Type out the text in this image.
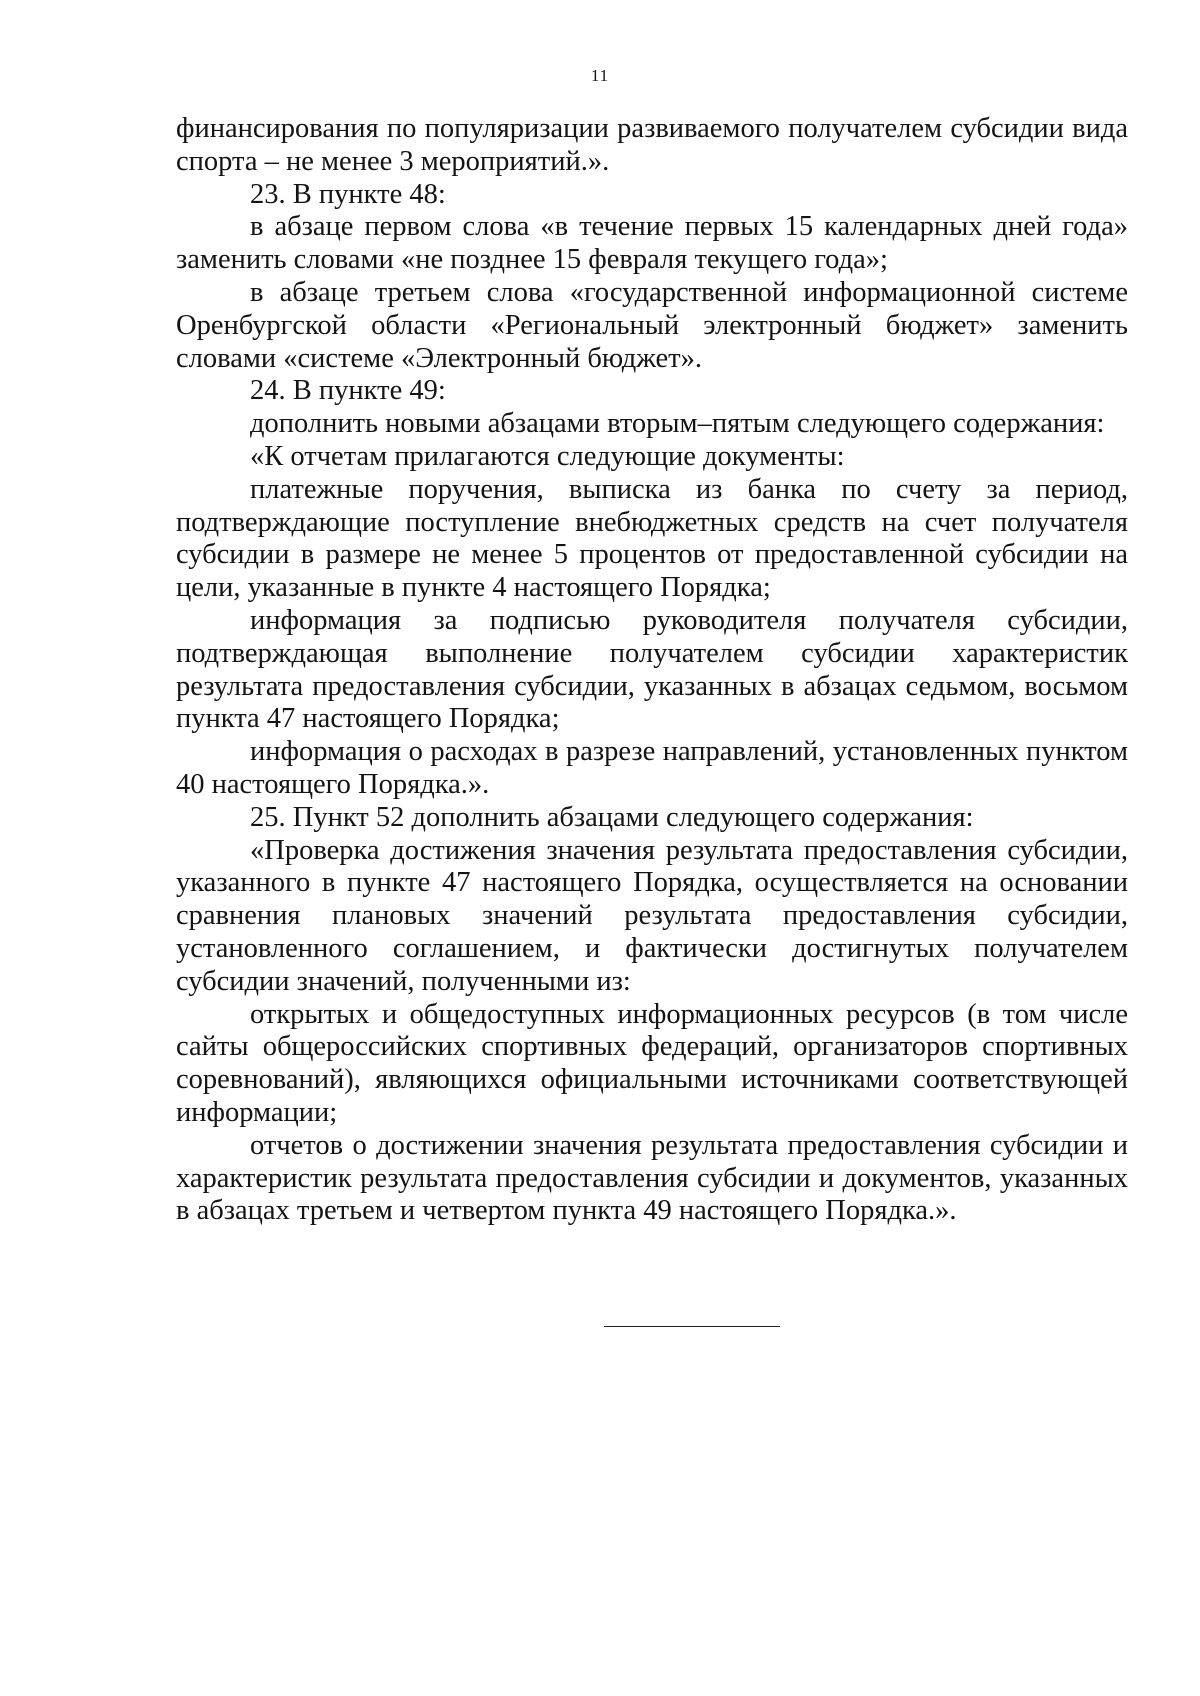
11

финансирования по популяризации развиваемого получателем субсидии вида спорта – не менее 3 мероприятий.».

23. В пункте 48:

в абзаце первом слова «в течение первых 15 календарных дней года» заменить словами «не позднее 15 февраля текущего года»;

в абзаце третьем слова «государственной информационной системе Оренбургской области «Региональный электронный бюджет» заменить словами «системе «Электронный бюджет».

24. В пункте 49:

дополнить новыми абзацами вторым–пятым следующего содержания:

«К отчетам прилагаются следующие документы:

платежные поручения, выписка из банка по счету за период, подтверждающие поступление внебюджетных средств на счет получателя субсидии в размере не менее 5 процентов от предоставленной субсидии на цели, указанные в пункте 4 настоящего Порядка;

информация за подписью руководителя получателя субсидии, подтверждающая выполнение получателем субсидии характеристик результата предоставления субсидии, указанных в абзацах седьмом, восьмом пункта 47 настоящего Порядка;

информация о расходах в разрезе направлений, установленных пунктом 40 настоящего Порядка.».

25. Пункт 52 дополнить абзацами следующего содержания:

«Проверка достижения значения результата предоставления субсидии, указанного в пункте 47 настоящего Порядка, осуществляется на основании сравнения плановых значений результата предоставления субсидии, установленного соглашением, и фактически достигнутых получателем субсидии значений, полученными из:

открытых и общедоступных информационных ресурсов (в том числе сайты общероссийских спортивных федераций, организаторов спортивных соревнований), являющихся официальными источниками соответствующей информации;

отчетов о достижении значения результата предоставления субсидии и характеристик результата предоставления субсидии и документов, указанных в абзацах третьем и четвертом пункта 49 настоящего Порядка.».
